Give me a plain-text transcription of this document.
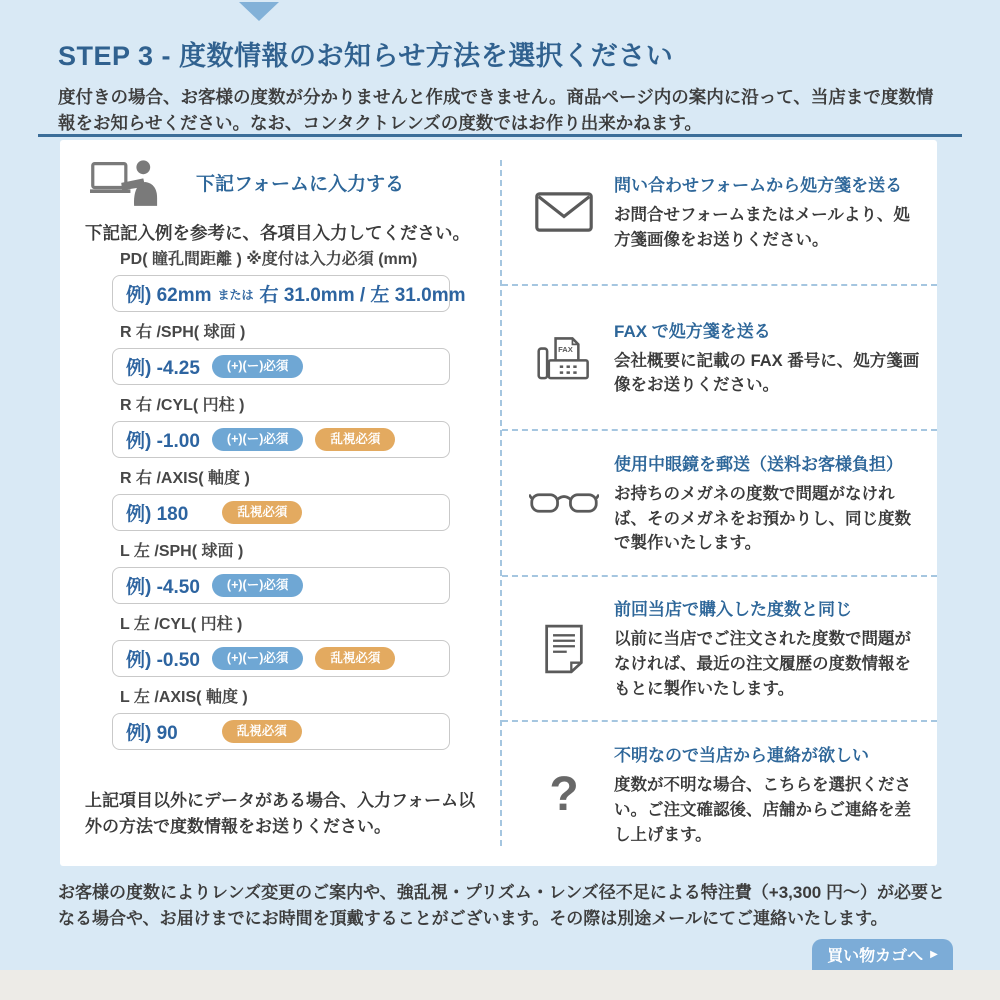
STEP 3 - 度数情報のお知らせ方法を選択ください

度付きの場合、お客様の度数が分かりませんと作成できません。商品ページ内の案内に沿って、当店まで度数情報をお知らせください。なお、コンタクトレンズの度数ではお作り出来かねます。

下記フォームに入力する

下記記入例を参考に、各項目入力してください。

PD( 瞳孔間距離 ) ※度付は入力必須 (mm)
例) 62mm または 右 31.0mm / 左 31.0mm
R 右 /SPH( 球面 )
例) -4.25	(+)(ー)必須
R 右 /CYL( 円柱 )
例) -1.00	(+)(ー)必須	乱視必須
R 右 /AXIS( 軸度 )
例) 180	乱視必須
L 左 /SPH( 球面 )
例) -4.50	(+)(ー)必須
L 左 /CYL( 円柱 )
例) -0.50	(+)(ー)必須	乱視必須
L 左 /AXIS( 軸度 )
例) 90	乱視必須

上記項目以外にデータがある場合、入力フォーム以外の方法で度数情報をお送りください。

問い合わせフォームから処方箋を送る
お問合せフォームまたはメールより、処方箋画像をお送りください。
FAX
FAX で処方箋を送る
会社概要に記載の FAX 番号に、処方箋画像をお送りください。
使用中眼鏡を郵送（送料お客様負担）
お持ちのメガネの度数で問題がなければ、そのメガネをお預かりし、同じ度数で製作いたします。
前回当店で購入した度数と同じ
以前に当店でご注文された度数で問題がなければ、最近の注文履歴の度数情報をもとに製作いたします。
?
不明なので当店から連絡が欲しい
度数が不明な場合、こちらを選択ください。ご注文確認後、店舗からご連絡を差し上げます。

お客様の度数によりレンズ変更のご案内や、強乱視・プリズム・レンズ径不足による特注費（+3,300 円〜）が必要となる場合や、お届けまでにお時間を頂戴することがございます。その際は別途メールにてご連絡いたします。

買い物カゴへ ▶
